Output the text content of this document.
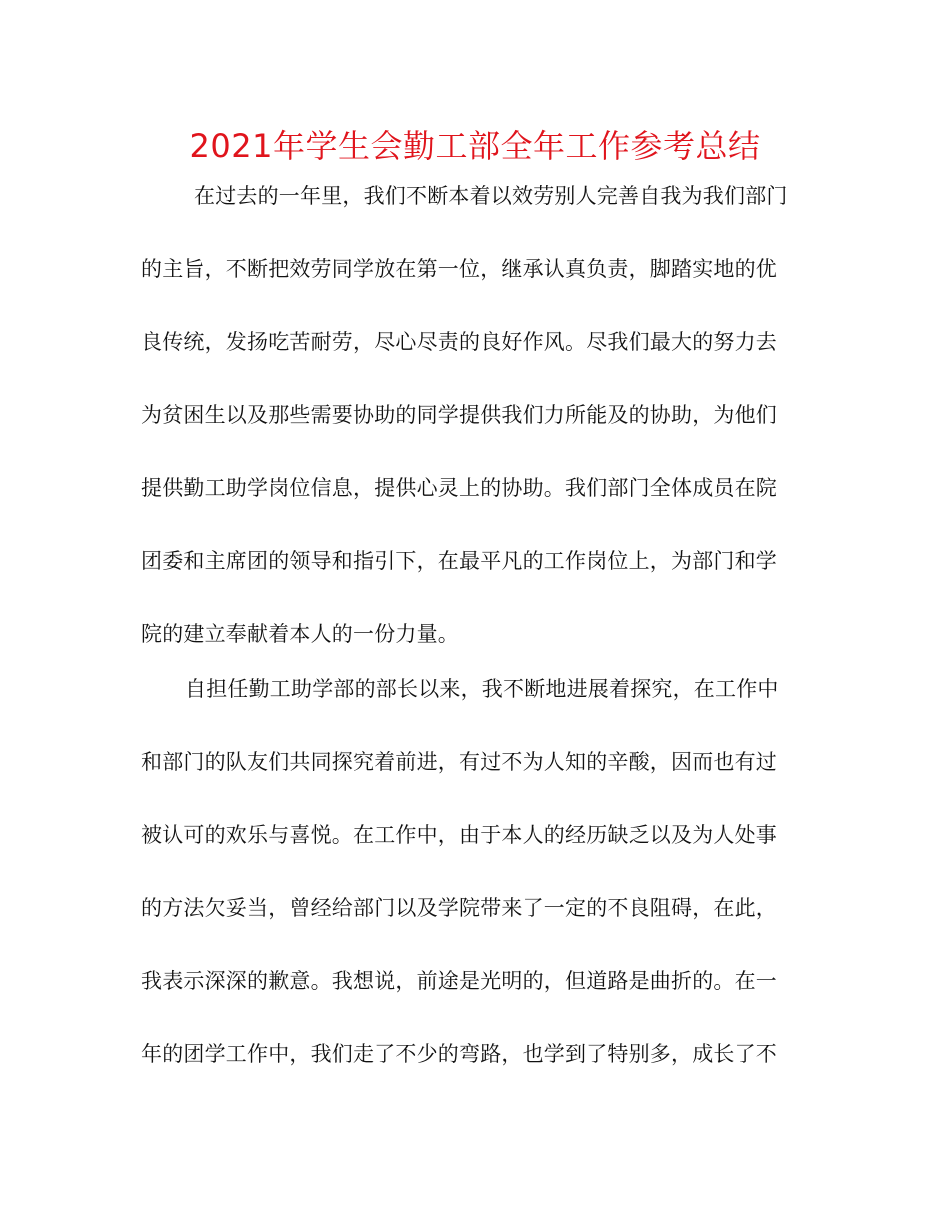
2021年学生会勤工部全年工作参考总结
在过去的一年里，我们不断本着以效劳别人完善自我为我们部门
的主旨，不断把效劳同学放在第一位，继承认真负责，脚踏实地的优
良传统，发扬吃苦耐劳，尽心尽责的良好作风。尽我们最大的努力去
为贫困生以及那些需要协助的同学提供我们力所能及的协助，为他们
提供勤工助学岗位信息，提供心灵上的协助。我们部门全体成员在院
团委和主席团的领导和指引下，在最平凡的工作岗位上，为部门和学
院的建立奉献着本人的一份力量。
自担任勤工助学部的部长以来，我不断地进展着探究，在工作中
和部门的队友们共同探究着前进，有过不为人知的辛酸，因而也有过
被认可的欢乐与喜悦。在工作中，由于本人的经历缺乏以及为人处事
的方法欠妥当，曾经给部门以及学院带来了一定的不良阻碍，在此，
我表示深深的歉意。我想说，前途是光明的，但道路是曲折的。在一
年的团学工作中，我们走了不少的弯路，也学到了特别多，成长了不
